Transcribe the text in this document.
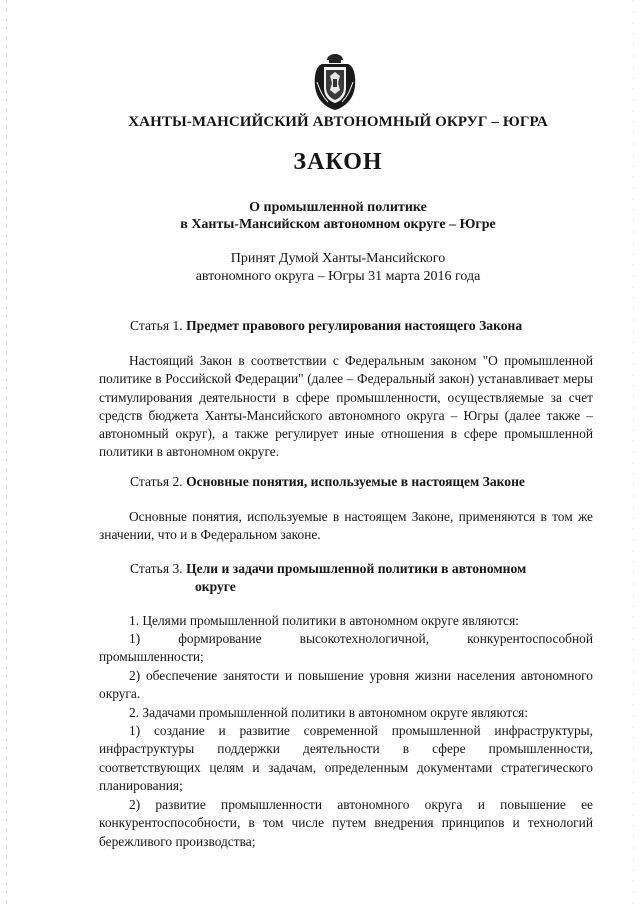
ХАНТЫ-МАНСИЙСКИЙ АВТОНОМНЫЙ ОКРУГ – ЮГРА
ЗАКОН
О промышленной политике
в Ханты-Мансийском автономном округе – Югре
Принят Думой Ханты-Мансийского
автономного округа – Югры 31 марта 2016 года
Статья 1. Предмет правового регулирования настоящего Закона
Настоящий Закон в соответствии с Федеральным законом "О промышленной политике в Российской Федерации" (далее – Федеральный закон) устанавливает меры стимулирования деятельности в сфере промышленности, осуществляемые за счет средств бюджета Ханты-Мансийского автономного округа – Югры (далее также – автономный округ), а также регулирует иные отношения в сфере промышленной политики в автономном округе.
Статья 2. Основные понятия, используемые в настоящем Законе
Основные понятия, используемые в настоящем Законе, применяются в том же значении, что и в Федеральном законе.
Статья 3. Цели и задачи промышленной политики в автономном
округе
1. Целями промышленной политики в автономном округе являются:
1) формирование высокотехнологичной, конкурентоспособной промышленности;
2) обеспечение занятости и повышение уровня жизни населения автономного округа.
2. Задачами промышленной политики в автономном округе являются:
1) создание и развитие современной промышленной инфраструктуры, инфраструктуры поддержки деятельности в сфере промышленности, соответствующих целям и задачам, определенным документами стратегического планирования;
2) развитие промышленности автономного округа и повышение ее конкурентоспособности, в том числе путем внедрения принципов и технологий бережливого производства;
